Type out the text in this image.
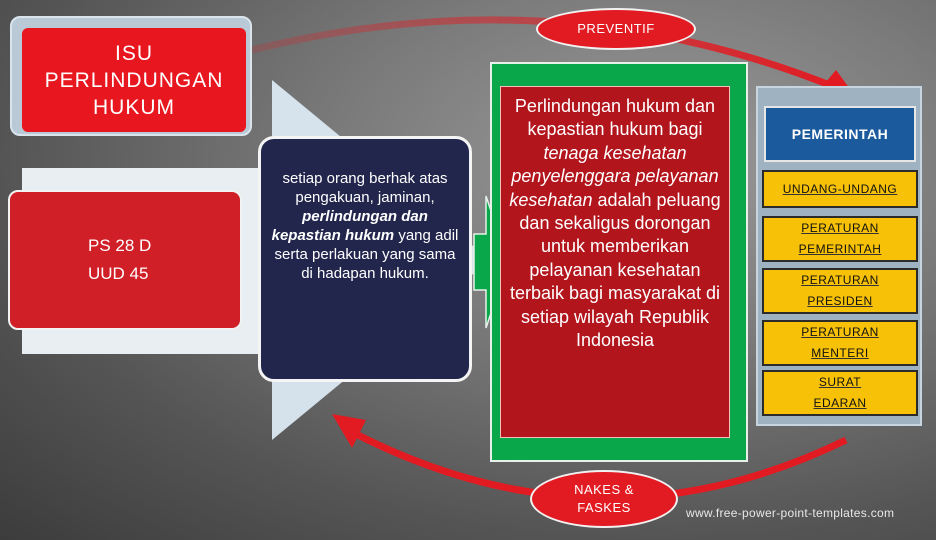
ISU
PERLINDUNGAN
HUKUM
PS 28 D
UUD 45
setiap orang berhak atas pengakuan, jaminan, perlindungan dan kepastian hukum yang adil serta perlakuan yang sama di hadapan hukum.
Perlindungan hukum dan kepastian hukum bagi tenaga kesehatan penyelenggara pelayanan kesehatan adalah peluang dan sekaligus dorongan untuk memberikan pelayanan kesehatan terbaik bagi masyarakat di setiap wilayah Republik Indonesia
PEMERINTAH
UNDANG-UNDANG
PERATURAN
PEMERINTAH
PERATURAN
PRESIDEN
PERATURAN
MENTERI
SURAT
EDARAN
PREVENTIF
NAKES &
FASKES	www.free-power-point-templates.com
